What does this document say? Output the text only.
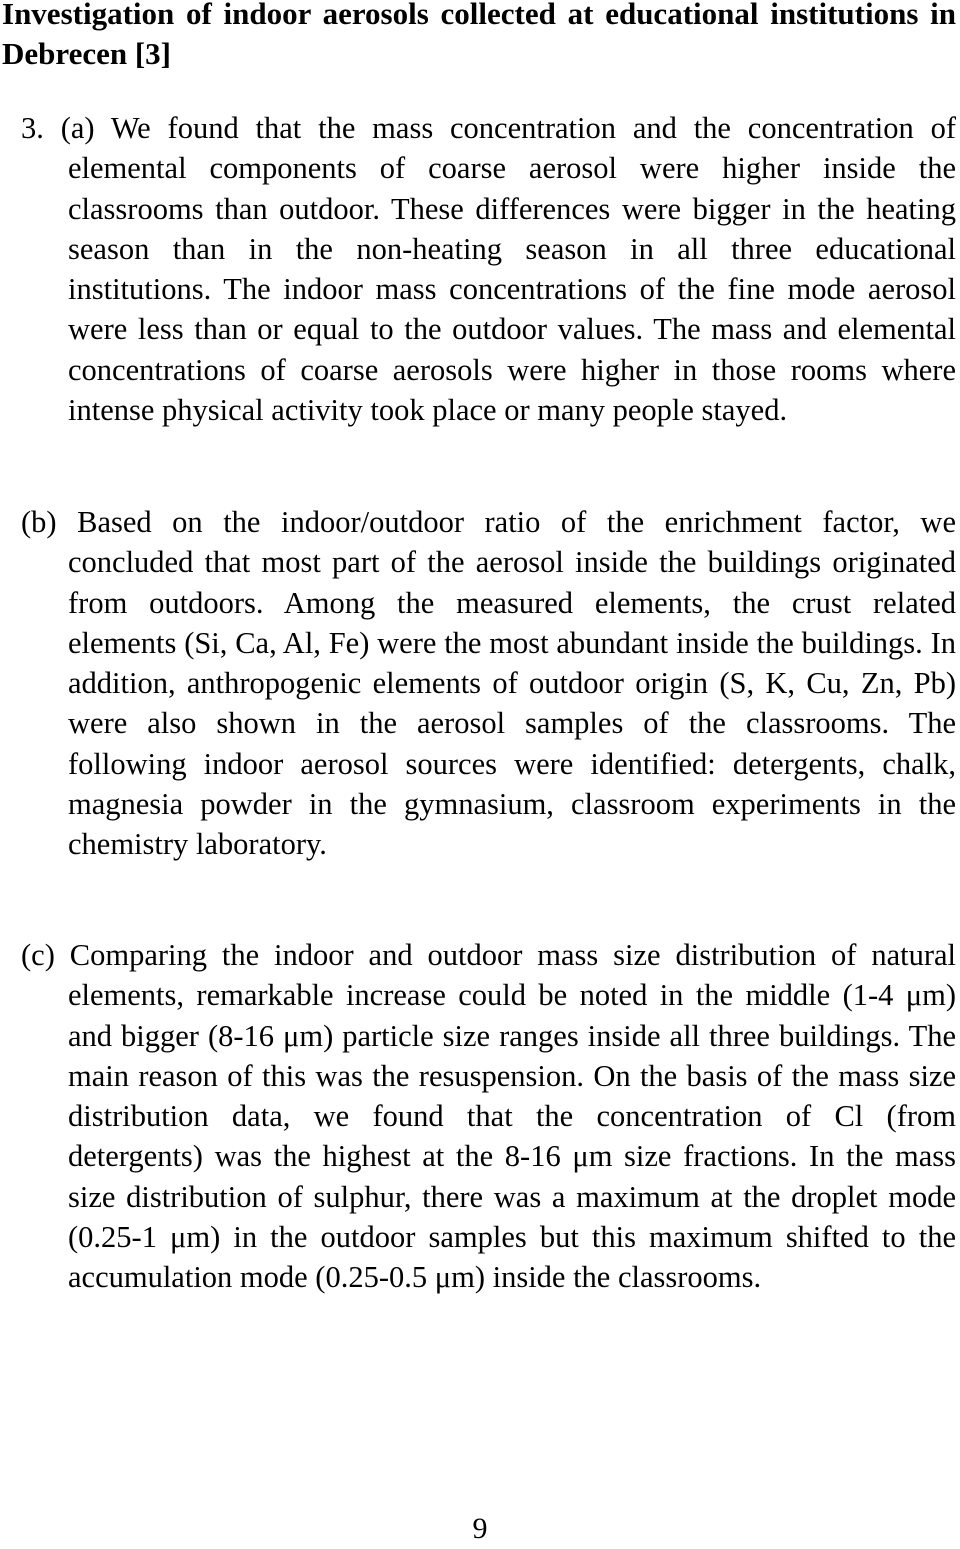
Investigation of indoor aerosols collected at educational institutions in Debrecen [3]

3. (a) We found that the mass concentration and the concentration of elemental components of coarse aerosol were higher inside the classrooms than outdoor. These differences were bigger in the heating season than in the non-heating season in all three educational institutions. The indoor mass concentrations of the fine mode aerosol were less than or equal to the outdoor values. The mass and elemental concentrations of coarse aerosols were higher in those rooms where intense physical activity took place or many people stayed.

(b) Based on the indoor/outdoor ratio of the enrichment factor, we concluded that most part of the aerosol inside the buildings originated from outdoors. Among the measured elements, the crust related elements (Si, Ca, Al, Fe) were the most abundant inside the buildings. In addition, anthropogenic elements of outdoor origin (S, K, Cu, Zn, Pb) were also shown in the aerosol samples of the classrooms. The following indoor aerosol sources were identified: detergents, chalk, magnesia powder in the gymnasium, classroom experiments in the chemistry laboratory.

(c) Comparing the indoor and outdoor mass size distribution of natural elements, remarkable increase could be noted in the middle (1-4 μm) and bigger (8-16 μm) particle size ranges inside all three buildings. The main reason of this was the resuspension. On the basis of the mass size distribution data, we found that the concentration of Cl (from detergents) was the highest at the 8-16 μm size fractions. In the mass size distribution of sulphur, there was a maximum at the droplet mode (0.25-1 μm) in the outdoor samples but this maximum shifted to the accumulation mode (0.25-0.5 μm) inside the classrooms.

9
